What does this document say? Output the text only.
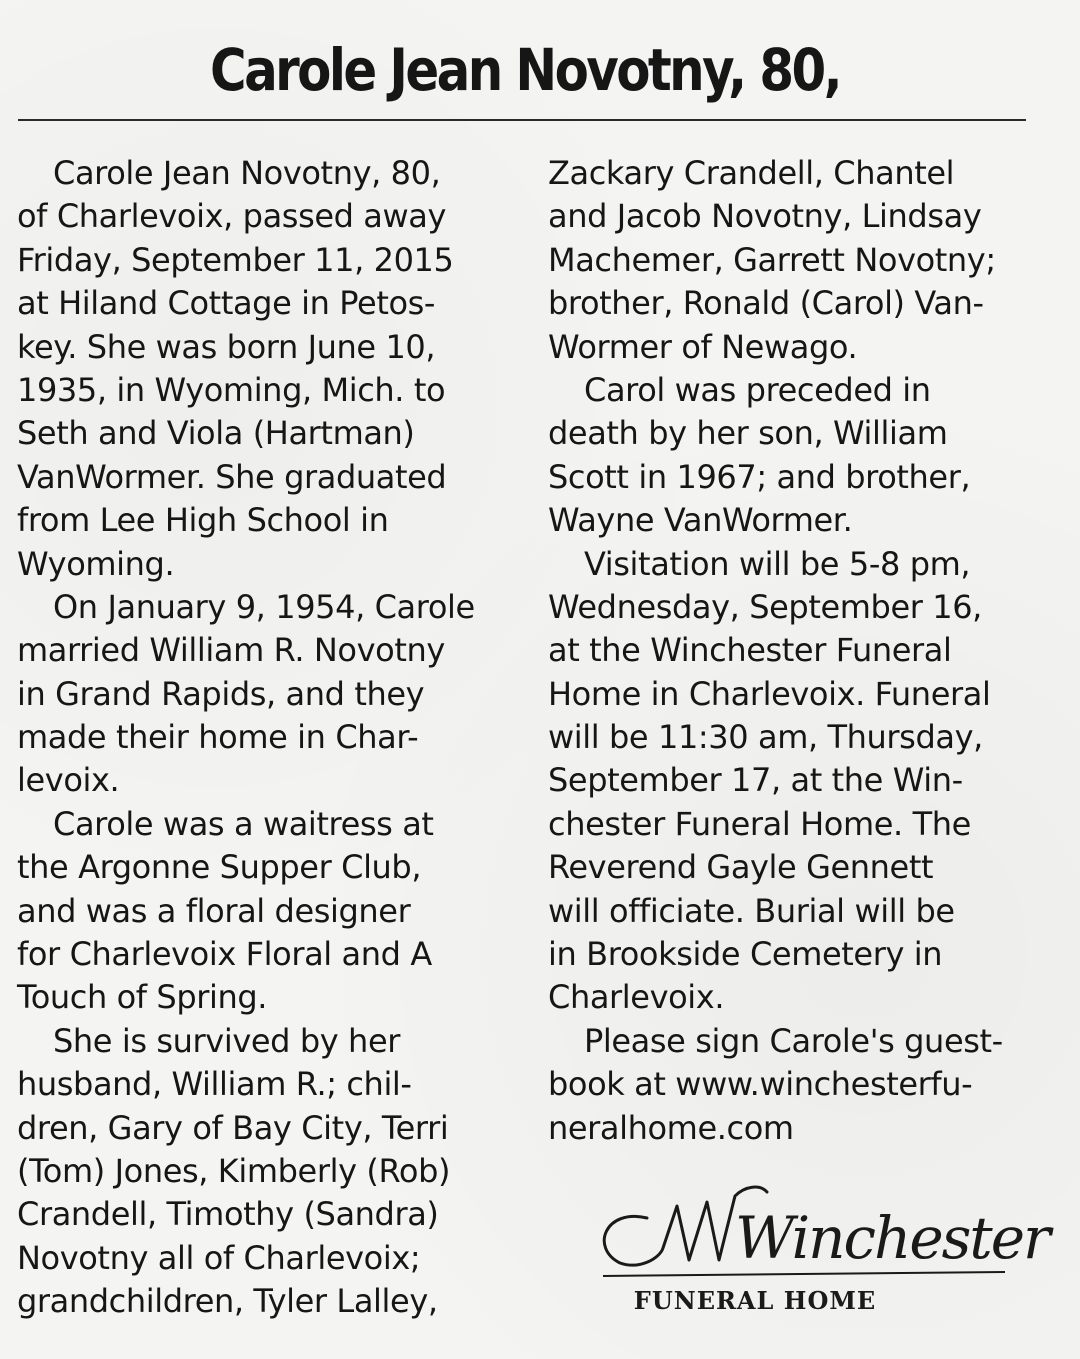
Carole Jean Novotny, 80,
Carole Jean Novotny, 80,
of Charlevoix, passed away
Friday, September 11, 2015
at Hiland Cottage in Petos-
key. She was born June 10,
1935, in Wyoming, Mich. to
Seth and Viola (Hartman)
VanWormer. She graduated
from Lee High School in
Wyoming.
On January 9, 1954, Carole
married William R. Novotny
in Grand Rapids, and they
made their home in Char-
levoix.
Carole was a waitress at
the Argonne Supper Club,
and was a floral designer
for Charlevoix Floral and A
Touch of Spring.
She is survived by her
husband, William R.; chil-
dren, Gary of Bay City, Terri
(Tom) Jones, Kimberly (Rob)
Crandell, Timothy (Sandra)
Novotny all of Charlevoix;
grandchildren, Tyler Lalley,
Zackary Crandell, Chantel
and Jacob Novotny, Lindsay
Machemer, Garrett Novotny;
brother, Ronald (Carol) Van-
Wormer of Newago.
Carol was preceded in
death by her son, William
Scott in 1967; and brother,
Wayne VanWormer.
Visitation will be 5-8 pm,
Wednesday, September 16,
at the Winchester Funeral
Home in Charlevoix. Funeral
will be 11:30 am, Thursday,
September 17, at the Win-
chester Funeral Home. The
Reverend Gayle Gennett
will officiate. Burial will be
in Brookside Cemetery in
Charlevoix.
Please sign Carole's guest-
book at www.winchesterfu-
neralhome.com
Winchester
FUNERAL HOME
